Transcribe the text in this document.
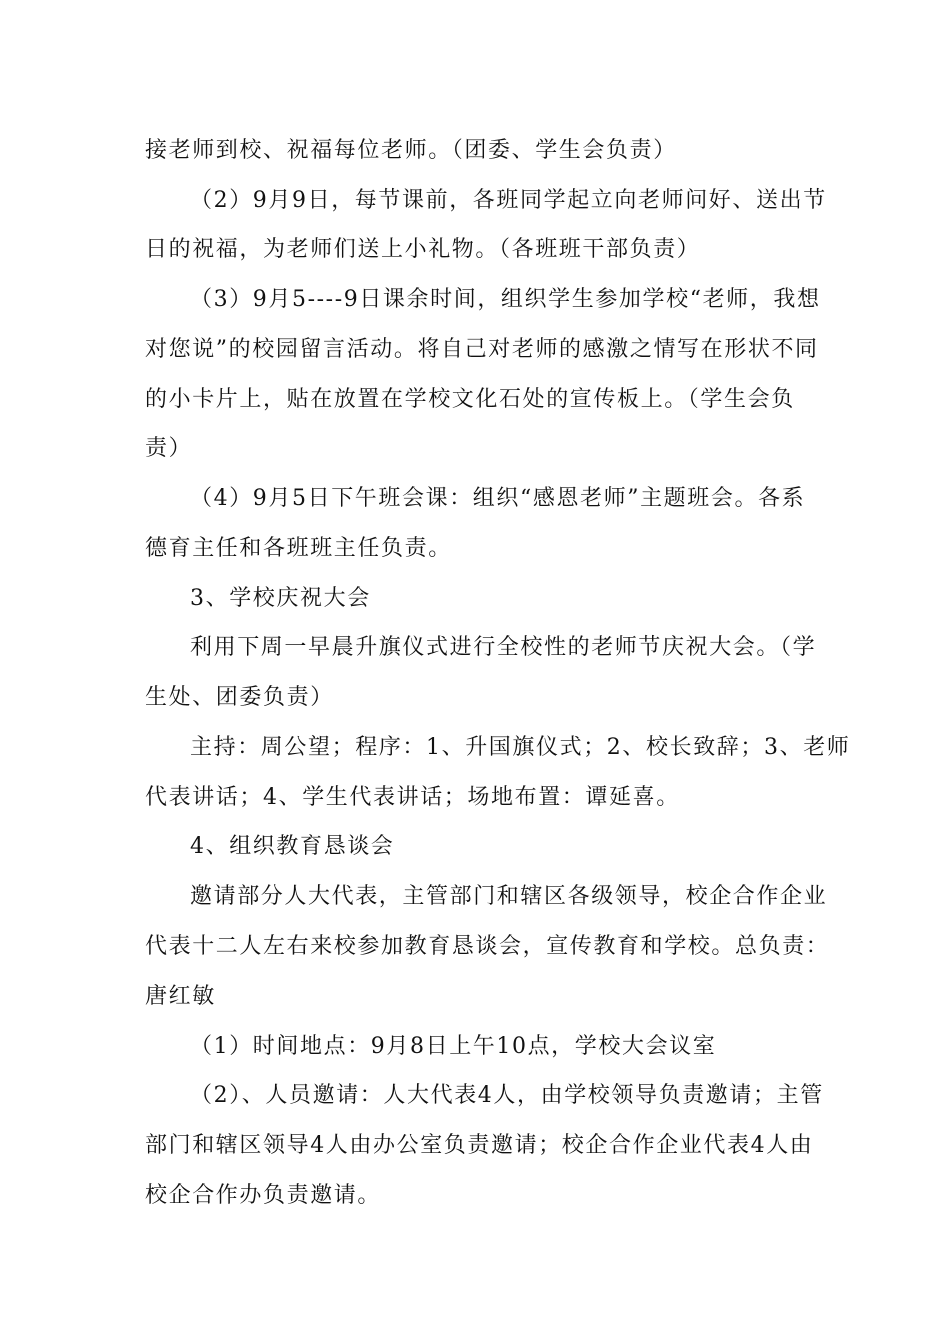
接老师到校、祝福每位老师。（团委、学生会负责）
（2）9月9日，每节课前，各班同学起立向老师问好、送出节
日的祝福，为老师们送上小礼物。（各班班干部负责）
（3）9月5----9日课余时间，组织学生参加学校“老师，我想
对您说”的校园留言活动。将自己对老师的感激之情写在形状不同
的小卡片上，贴在放置在学校文化石处的宣传板上。（学生会负
责）
（4）9月5日下午班会课：组织“感恩老师”主题班会。各系
德育主任和各班班主任负责。
3、学校庆祝大会
利用下周一早晨升旗仪式进行全校性的老师节庆祝大会。（学
生处、团委负责）
主持：周公望；程序：1、升国旗仪式；2、校长致辞；3、老师
代表讲话；4、学生代表讲话；场地布置：谭延喜。
4、组织教育恳谈会
邀请部分人大代表，主管部门和辖区各级领导，校企合作企业
代表十二人左右来校参加教育恳谈会，宣传教育和学校。总负责：
唐红敏
（1）时间地点：9月8日上午10点，学校大会议室
（2）、人员邀请：人大代表4人，由学校领导负责邀请；主管
部门和辖区领导4人由办公室负责邀请；校企合作企业代表4人由
校企合作办负责邀请。
